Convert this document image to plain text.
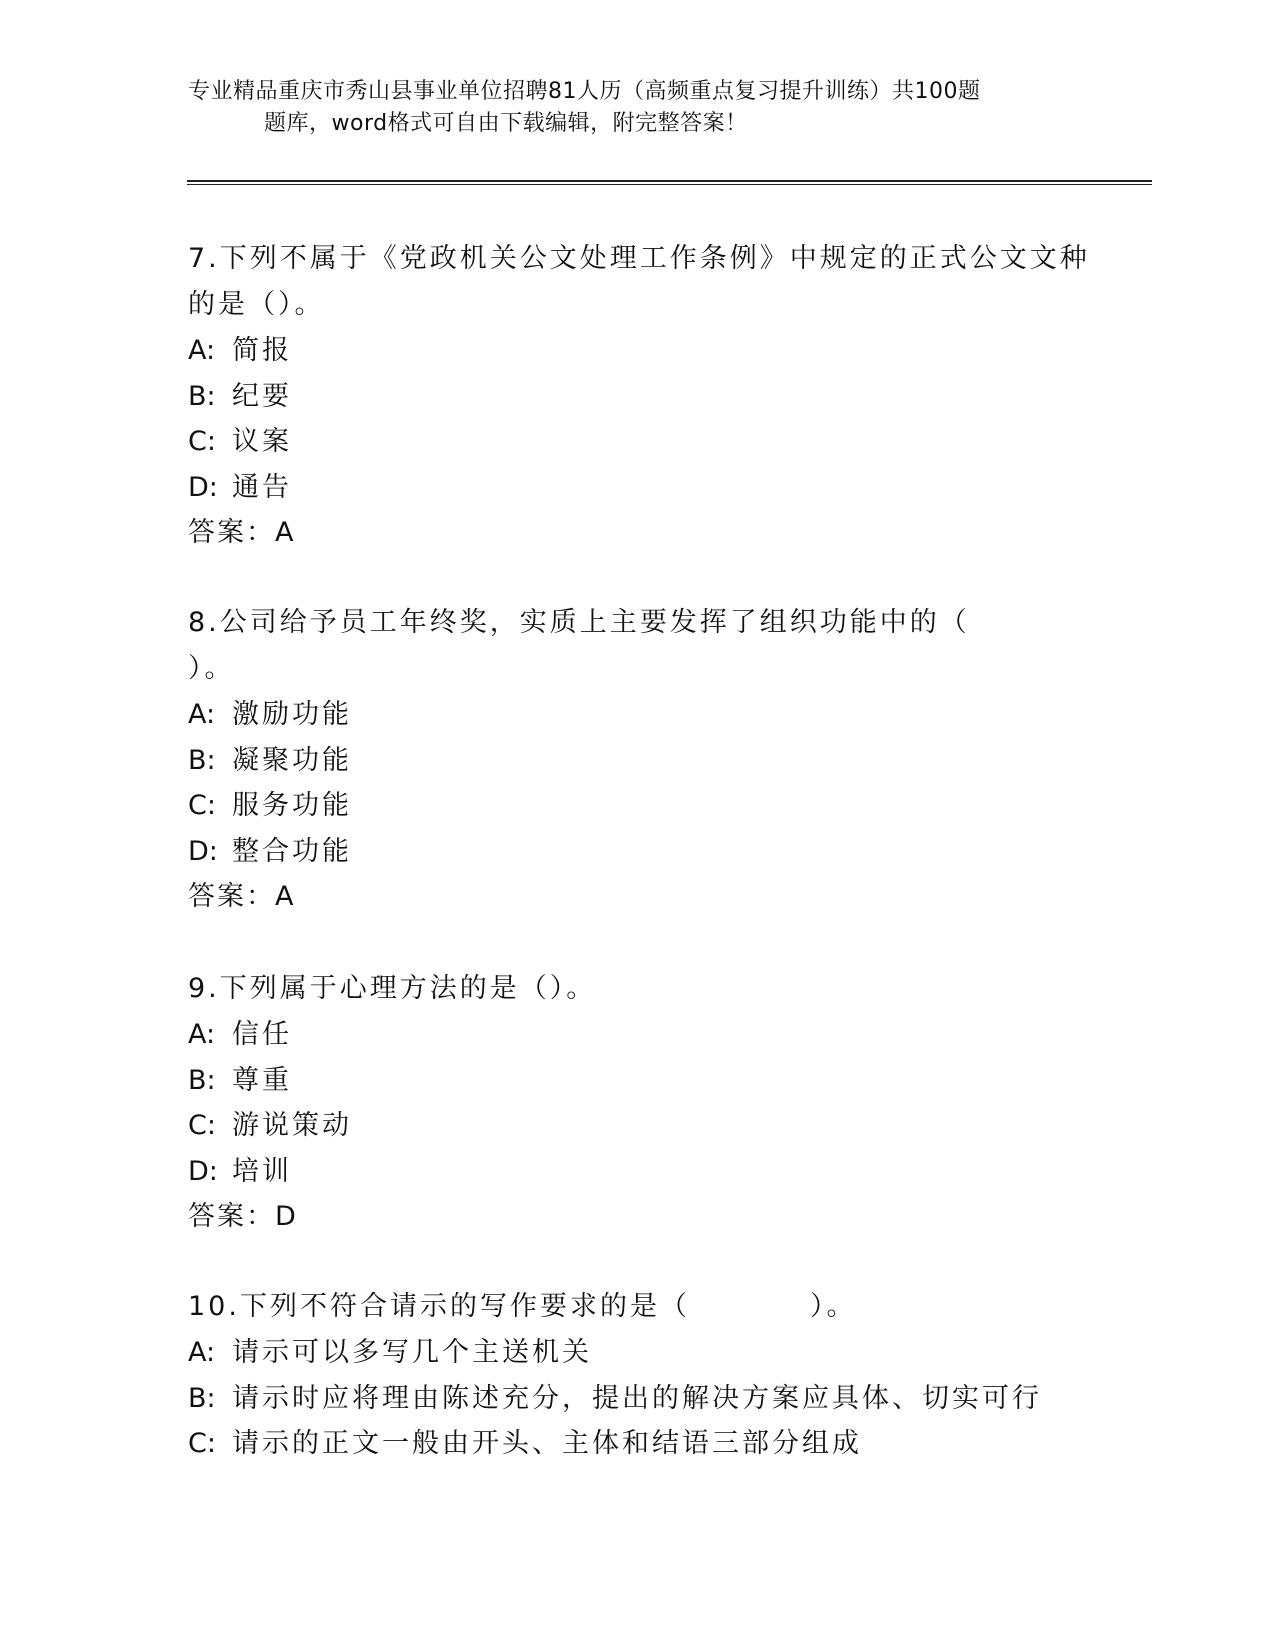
专业精品重庆市秀山县事业单位招聘81人历（高频重点复习提升训练）共100题
题库，word格式可自由下载编辑，附完整答案！
7.下列不属于《党政机关公文处理工作条例》中规定的正式公文文种
的是（）。
A: 简报
B: 纪要
C: 议案
D: 通告
答案：A
8.公司给予员工年终奖，实质上主要发挥了组织功能中的（
）。
A: 激励功能
B: 凝聚功能
C: 服务功能
D: 整合功能
答案：A
9.下列属于心理方法的是（）。
A: 信任
B: 尊重
C: 游说策动
D: 培训
答案：D
10.下列不符合请示的写作要求的是（　　　　）。
A: 请示可以多写几个主送机关
B: 请示时应将理由陈述充分，提出的解决方案应具体、切实可行
C: 请示的正文一般由开头、主体和结语三部分组成
